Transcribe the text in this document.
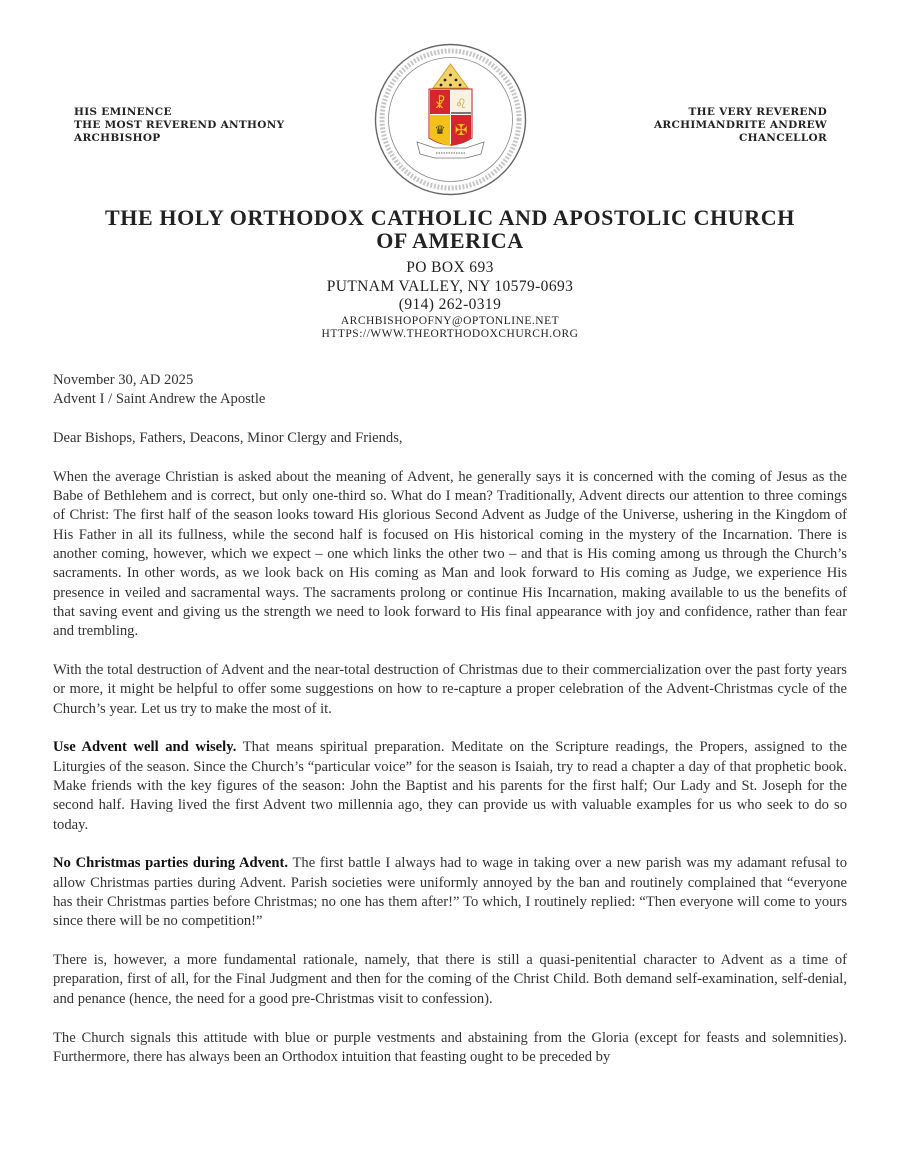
HIS EMINENCE
THE MOST REVEREND ANTHONY
ARCHBISHOP
☧ ♌
♛ ✠
THE VERY REVEREND
ARCHIMANDRITE ANDREW
CHANCELLOR
THE HOLY ORTHODOX CATHOLIC AND APOSTOLIC CHURCH
OF AMERICA
PO BOX 693
PUTNAM VALLEY, NY 10579-0693
(914) 262-0319
ARCHBISHOPOFNY@OPTONLINE.NET
HTTPS://WWW.THEORTHODOXCHURCH.ORG

November 30, AD 2025

Advent I / Saint Andrew the Apostle

Dear Bishops, Fathers, Deacons, Minor Clergy and Friends,

When the average Christian is asked about the meaning of Advent, he generally says it is concerned with the coming of Jesus as the Babe of Bethlehem and is correct, but only one-third so. What do I mean? Traditionally, Advent directs our attention to three comings of Christ: The first half of the season looks toward His glorious Second Advent as Judge of the Universe, ushering in the Kingdom of His Father in all its fullness, while the second half is focused on His historical coming in the mystery of the Incarnation. There is another coming, however, which we expect – one which links the other two – and that is His coming among us through the Church’s sacraments. In other words, as we look back on His coming as Man and look forward to His coming as Judge, we experience His presence in veiled and sacramental ways. The sacraments prolong or continue His Incarnation, making available to us the benefits of that saving event and giving us the strength we need to look forward to His final appearance with joy and confidence, rather than fear and trembling.

With the total destruction of Advent and the near-total destruction of Christmas due to their commercialization over the past forty years or more, it might be helpful to offer some suggestions on how to re-capture a proper celebration of the Advent-Christmas cycle of the Church’s year. Let us try to make the most of it.

Use Advent well and wisely. That means spiritual preparation. Meditate on the Scripture readings, the Propers, assigned to the Liturgies of the season. Since the Church’s “particular voice” for the season is Isaiah, try to read a chapter a day of that prophetic book. Make friends with the key figures of the season: John the Baptist and his parents for the first half; Our Lady and St. Joseph for the second half. Having lived the first Advent two millennia ago, they can provide us with valuable examples for us who seek to do so today.

No Christmas parties during Advent. The first battle I always had to wage in taking over a new parish was my adamant refusal to allow Christmas parties during Advent. Parish societies were uniformly annoyed by the ban and routinely complained that “everyone has their Christmas parties before Christmas; no one has them after!” To which, I routinely replied: “Then everyone will come to yours since there will be no competition!”

There is, however, a more fundamental rationale, namely, that there is still a quasi-penitential character to Advent as a time of preparation, first of all, for the Final Judgment and then for the coming of the Christ Child. Both demand self-examination, self-denial, and penance (hence, the need for a good pre-Christmas visit to confession).

The Church signals this attitude with blue or purple vestments and abstaining from the Gloria (except for feasts and solemnities). Furthermore, there has always been an Orthodox intuition that feasting ought to be preceded by
